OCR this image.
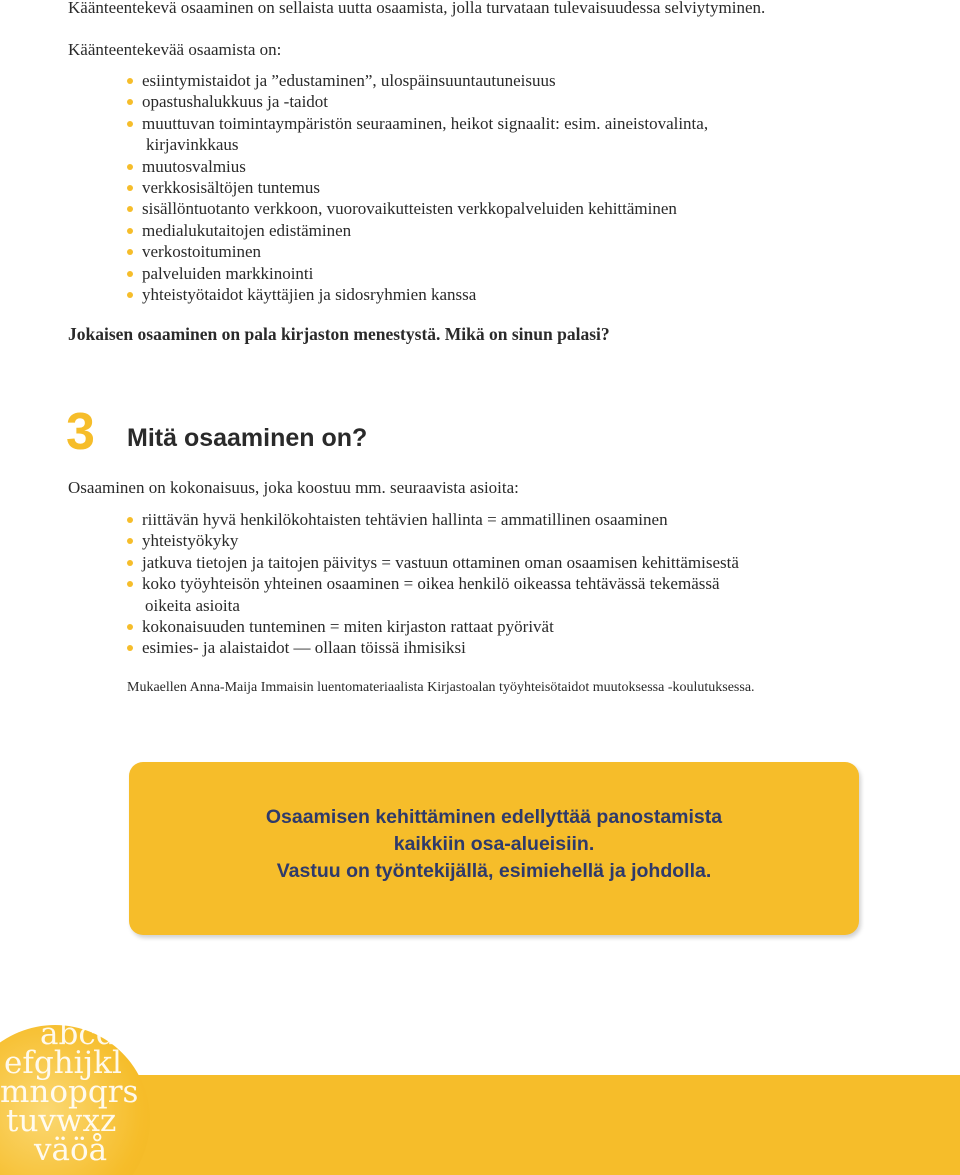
Käänteentekevä osaaminen on sellaista uutta osaamista, jolla turvataan tulevaisuudessa selviytyminen.
Käänteentekevää osaamista on:
esiintymistaidot ja ”edustaminen”, ulospäinsuuntautuneisuus
opastushalukkuus ja -taidot
muuttuvan toimintaympäristön seuraaminen, heikot signaalit: esim. aineistovalinta,
kirjavinkkaus
muutosvalmius
verkkosisältöjen tuntemus
sisällöntuotanto verkkoon, vuorovaikutteisten verkkopalveluiden kehittäminen
medialukutaitojen edistäminen
verkostoituminen
palveluiden markkinointi
yhteistyötaidot käyttäjien ja sidosryhmien kanssa
Jokaisen osaaminen on pala kirjaston menestystä. Mikä on sinun palasi?
3 Mitä osaaminen on?
Osaaminen on kokonaisuus, joka koostuu mm. seuraavista asioita:
riittävän hyvä henkilökohtaisten tehtävien hallinta = ammatillinen osaaminen
yhteistyökyky
jatkuva tietojen ja taitojen päivitys = vastuun ottaminen oman osaamisen kehittämisestä
koko työyhteisön yhteinen osaaminen = oikea henkilö oikeassa tehtävässä tekemässä
oikeita asioita
kokonaisuuden tunteminen = miten kirjaston rattaat pyörivät
esimies- ja alaistaidot — ollaan töissä ihmisiksi
Mukaellen Anna-Maija Immaisin luentomateriaalista Kirjastoalan työyhteisötaidot muutoksessa -koulutuksessa.
Osaamisen kehittäminen edellyttää panostamista
kaikkiin osa-alueisiin.
Vastuu on työntekijällä, esimiehellä ja johdolla.
abcd
efghijkl
mnopqrs
tuvwxz
väöå
